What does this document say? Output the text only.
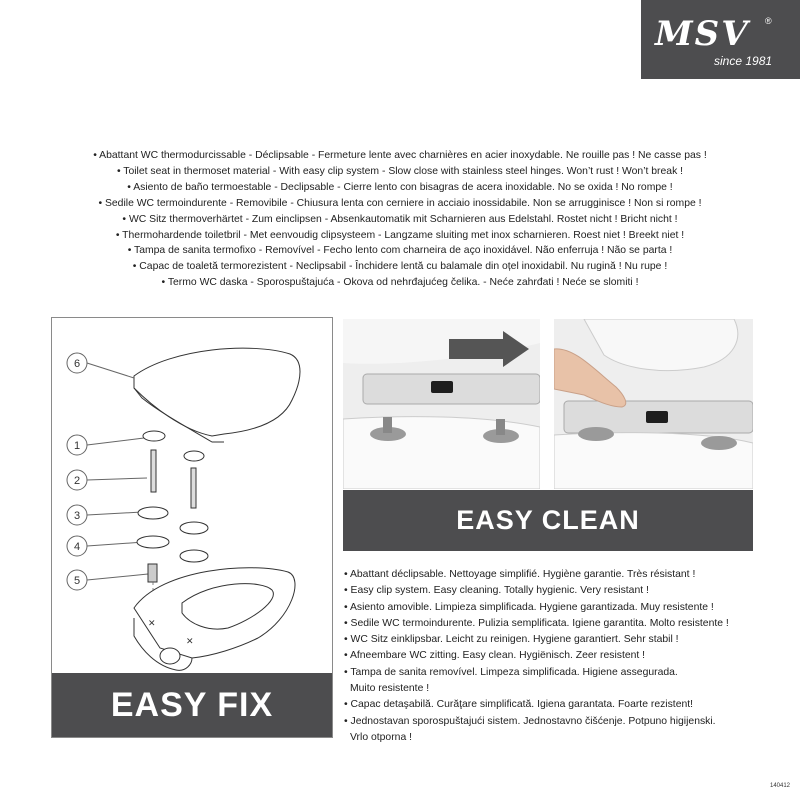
MSV ®
since 1981
• Abattant WC thermodurcissable - Déclipsable - Fermeture lente avec charnières en acier inoxydable. Ne rouille pas ! Ne casse pas !
• Toilet seat in thermoset material - With easy clip system - Slow close with stainless steel hinges. Won’t rust ! Won’t break !
• Asiento de baño termoestable - Declipsable - Cierre lento con bisagras de acera inoxidable. No se oxida ! No rompe !
• Sedile WC termoindurente - Removibile - Chiusura lenta con cerniere in acciaio inossidabile. Non se arrugginisce ! Non si rompe !
• WC Sitz thermoverhärtet - Zum einclipsen - Absenkautomatik mit Scharnieren aus Edelstahl. Rostet nicht ! Bricht nicht !
• Thermohardende toiletbril - Met eenvoudig clipsysteem - Langzame sluiting met inox scharnieren. Roest niet ! Breekt niet !
• Tampa de sanita termofixo - Removível - Fecho lento com charneira de aço inoxidável. Não enferruja ! Não se parta !
• Capac de toaletă termorezistent - Neclipsabil - Închidere lentă cu balamale din oțel inoxidabil. Nu rugină ! Nu rupe !
• Termo WC daska - Sporospuštajuća - Okova od nehrđajućeg čelika. - Neće zahrđati ! Neće se slomiti !
6
1
2
3
4
5
✕
✕
EASY FIX
EASY CLEAN
• Abattant déclipsable. Nettoyage simplifié. Hygiène garantie. Très résistant !
• Easy clip system. Easy cleaning. Totally hygienic. Very resistant !
• Asiento amovible. Limpieza simplificada. Hygiene garantizada. Muy resistente !
• Sedile WC termoindurente. Pulizia semplificata. Igiene garantita. Molto resistente !
• WC Sitz einklipsbar. Leicht zu reinigen. Hygiene garantiert. Sehr stabil !
• Afneembare WC zitting. Easy clean. Hygiënisch. Zeer resistent !
• Tampa de sanita removível. Limpeza simplificada. Higiene assegurada.
Muito resistente !
• Capac detaşabilă. Curăţare simplificată. Igiena garantata. Foarte rezistent!
• Jednostavan sporospuštajući sistem. Jednostavno čišćenje. Potpuno higijenski.
Vrlo otporna !
140412
